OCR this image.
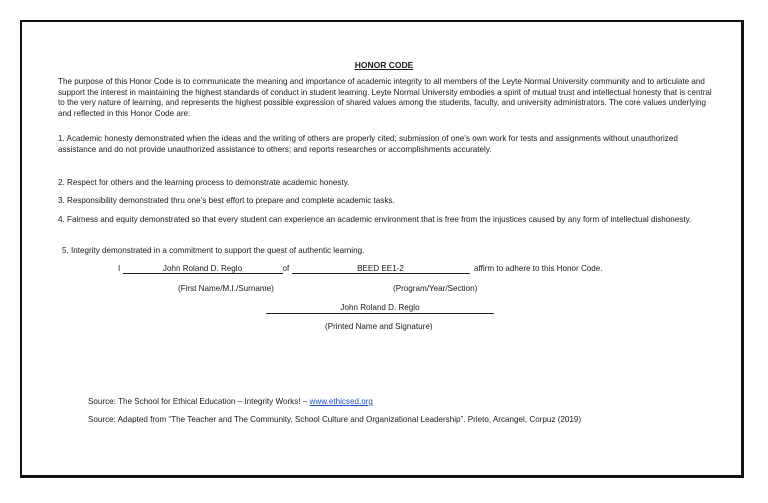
HONOR CODE

The purpose of this Honor Code is to communicate the meaning and importance of academic integrity to all members of the Leyte Normal University community and to articulate and support the interest in maintaining the highest standards of conduct in student learning. Leyte Normal University embodies a spirit of mutual trust and intellectual honesty that is central to the very nature of learning, and represents the highest possible expression of shared values among the students, faculty, and university administrators. The core values underlying and reflected in this Honor Code are:

1. Academic honesty demonstrated when the ideas and the writing of others are properly cited; submission of one’s own work for tests and assignments without unauthorized assistance and do not provide unauthorized assistance to others; and reports researches or accomplishments accurately.

2. Respect for others and the learning process to demonstrate academic honesty.

3. Responsibility demonstrated thru one’s best effort to prepare and complete academic tasks.

4. Fairness and equity demonstrated so that every student can experience an academic environment that is free from the injustices caused by any form of intellectual dishonesty.

5. Integrity demonstrated in a commitment to support the quest of authentic learning.

I	John Roland D. Reglo	of	BEED EE1-2	affirm to adhere to this Honor Code.
(First Name/M.I./Surname)	(Program/Year/Section)
John Roland D. Reglo
(Printed Name and Signature)
Source: The School for Ethical Education – Integrity Works! – www.ethicsed.org
Source: Adapted from “The Teacher and The Community, School Culture and Organizational Leadership”. Prieto, Arcangel, Corpuz (2019)
